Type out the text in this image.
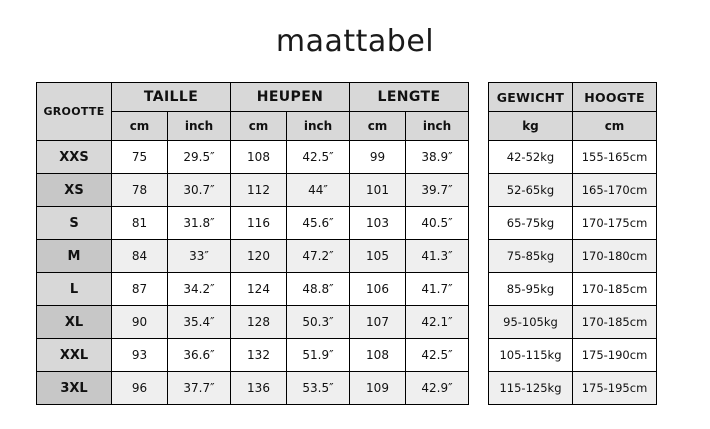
maattabel
GROOTTE	TAILLE		HEUPEN		LENGTE	
	cm	inch	cm	inch	cm	inch
XXS	75	29.5″	108	42.5″	99	38.9″
XS	78	30.7″	112	44″	101	39.7″
S	81	31.8″	116	45.6″	103	40.5″
M	84	33″	120	47.2″	105	41.3″
L	87	34.2″	124	48.8″	106	41.7″
XL	90	35.4″	128	50.3″	107	42.1″
XXL	93	36.6″	132	51.9″	108	42.5″
3XL	96	37.7″	136	53.5″	109	42.9″
GEWICHT	HOOGTE
kg	cm
42-52kg	155-165cm
52-65kg	165-170cm
65-75kg	170-175cm
75-85kg	170-180cm
85-95kg	170-185cm
95-105kg	170-185cm
105-115kg	175-190cm
115-125kg	175-195cm
